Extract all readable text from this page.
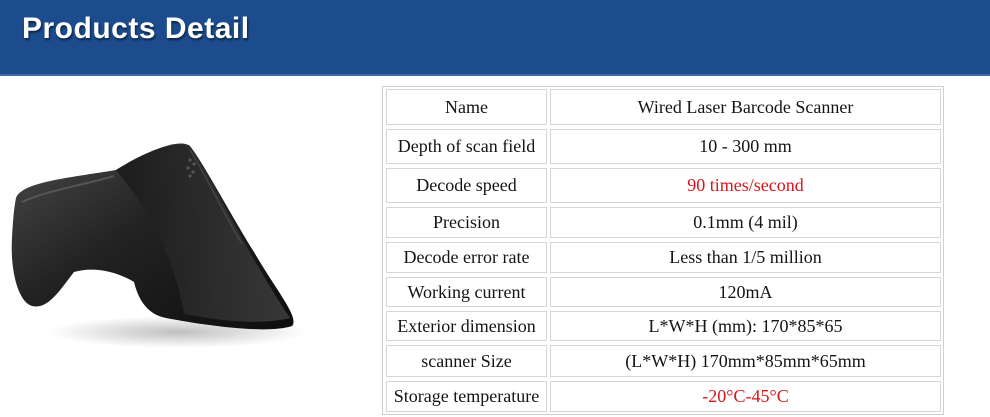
Products Detail
Name	Wired Laser Barcode Scanner
Depth of scan field	10 - 300 mm
Decode speed	90 times/second
Precision	0.1mm (4 mil)
Decode error rate	Less than 1/5 million
Working current	120mA
Exterior dimension	L*W*H (mm): 170*85*65
scanner Size	(L*W*H) 170mm*85mm*65mm
Storage temperature	-20°C-45°C
